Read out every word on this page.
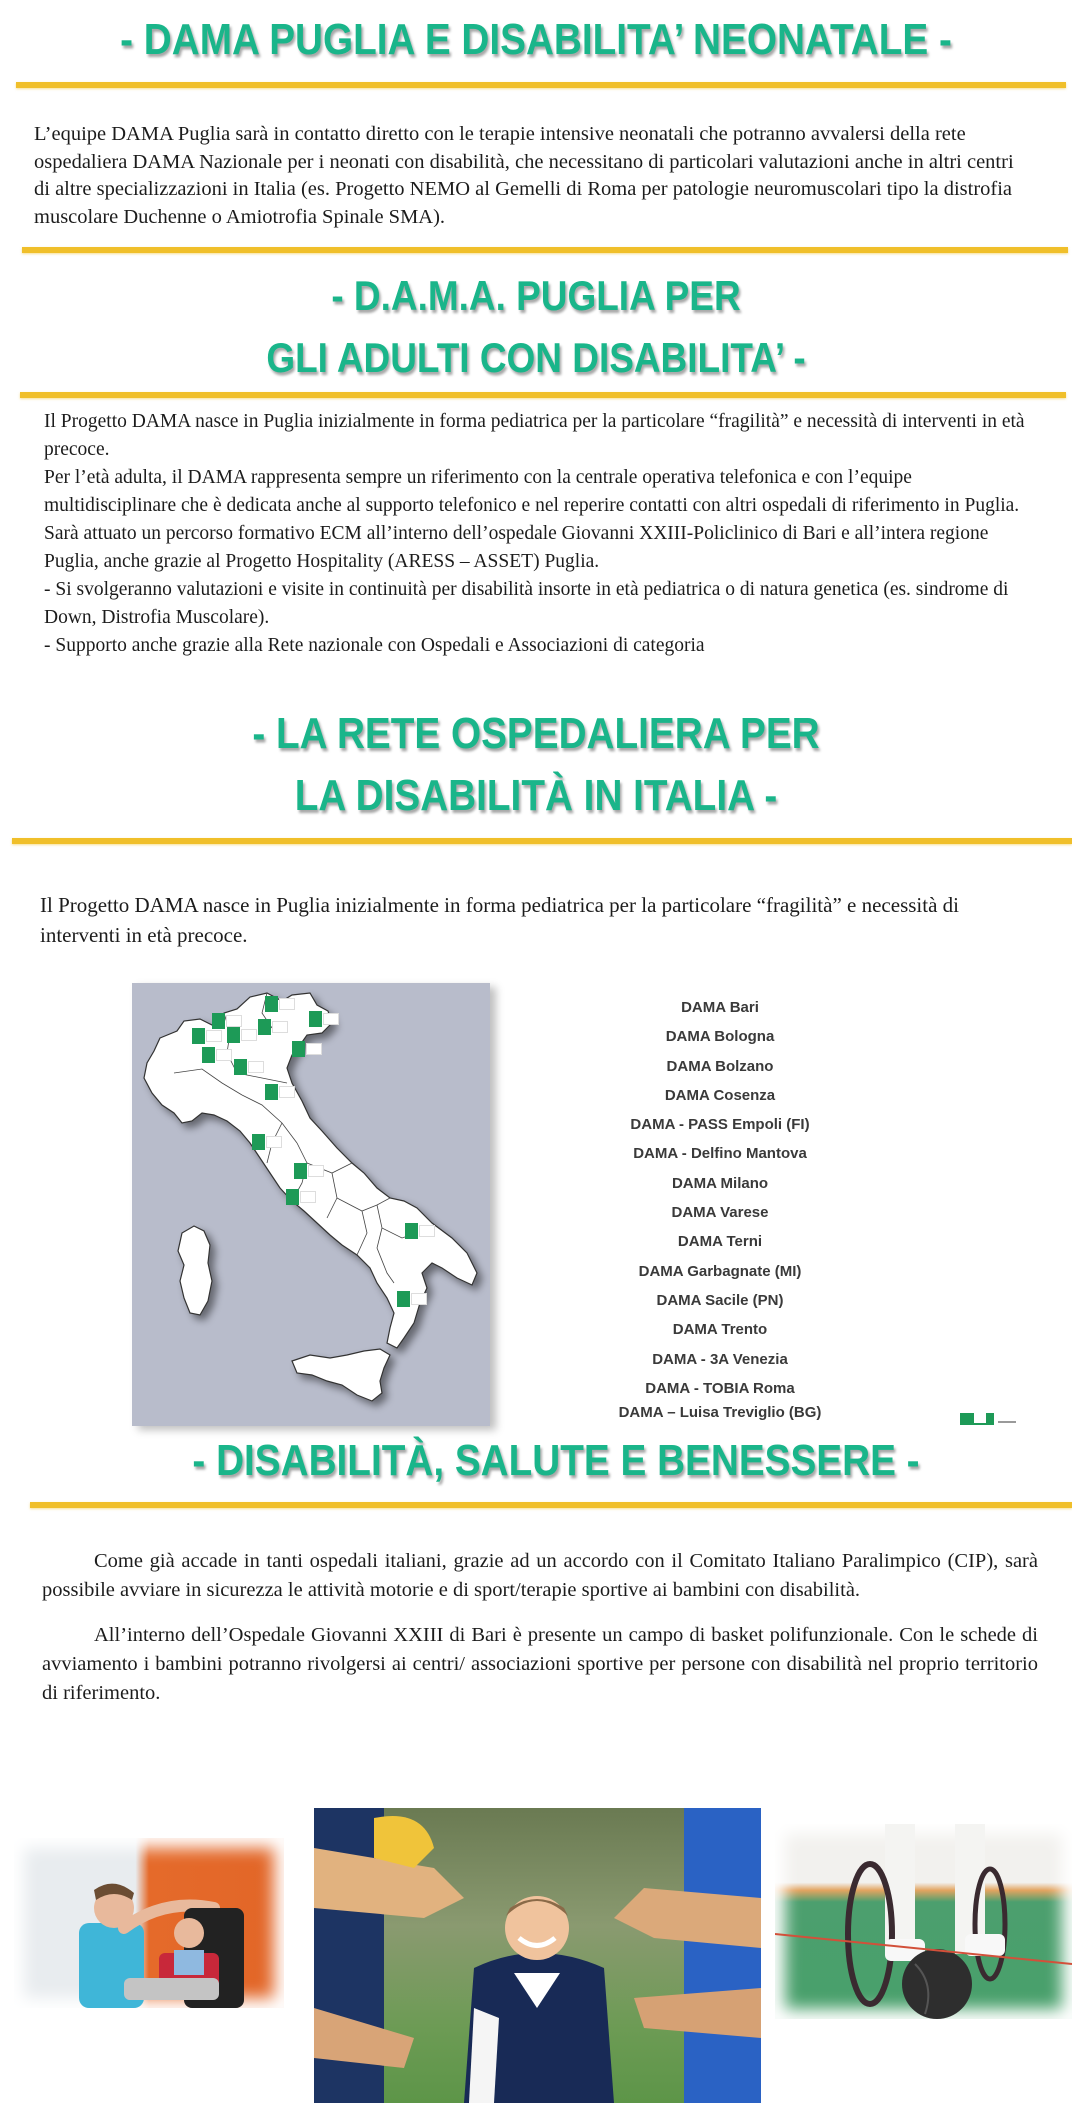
- DAMA PUGLIA E DISABILITA’ NEONATALE -

L’equipe DAMA Puglia sarà in contatto diretto con le terapie intensive neonatali che potranno avvalersi della rete ospedaliera DAMA Nazionale per i neonati con disabilità, che necessitano di particolari valutazioni anche in altri centri di altre specializzazioni in Italia (es. Progetto NEMO al Gemelli di Roma per patologie neuromuscolari tipo la distrofia muscolare Duchenne o Amiotrofia Spinale SMA).

- D.A.M.A. PUGLIA PER
GLI ADULTI CON DISABILITA’ -

Il Progetto DAMA nasce in Puglia inizialmente in forma pediatrica per la particolare “fragilità” e necessità di interventi in età precoce.

Per l’età adulta, il DAMA rappresenta sempre un riferimento con la centrale operativa telefonica e con l’equipe multidisciplinare che è dedicata anche al supporto telefonico e nel reperire contatti con altri ospedali di riferimento in Puglia.

Sarà attuato un percorso formativo ECM all’interno dell’ospedale Giovanni XXIII-Policlinico di Bari e all’intera regione Puglia, anche grazie al Progetto Hospitality (ARESS – ASSET) Puglia.

- Si svolgeranno valutazioni e visite in continuità per disabilità insorte in età pediatrica o di natura genetica (es. sindrome di Down, Distrofia Muscolare).

- Supporto anche grazie alla Rete nazionale con Ospedali e Associazioni di categoria

- LA RETE OSPEDALIERA PER
LA DISABILITÀ IN ITALIA -

Il Progetto DAMA nasce in Puglia inizialmente in forma pediatrica per la particolare “fragilità” e necessità di interventi in età precoce.

DAMA Bari
DAMA Bologna
DAMA Bolzano
DAMA Cosenza
DAMA - PASS Empoli (FI)
DAMA - Delfino Mantova
DAMA Milano
DAMA Varese
DAMA Terni
DAMA Garbagnate (MI)
DAMA Sacile (PN)
DAMA Trento
DAMA - 3A Venezia
DAMA - TOBIA Roma
DAMA – Luisa Treviglio (BG)
- DISABILITÀ, SALUTE E BENESSERE -

Come già accade in tanti ospedali italiani, grazie ad un accordo con il Comitato Italiano Paralimpico (CIP), sarà possibile avviare in sicurezza le attività motorie e di sport/terapie sportive ai bambini con disabilità.

All’interno dell’Ospedale Giovanni XXIII di Bari è presente un campo di basket polifunzionale. Con le schede di avviamento i bambini potranno rivolgersi ai centri/ associazioni sportive per persone con disabilità nel proprio territorio di riferimento.
